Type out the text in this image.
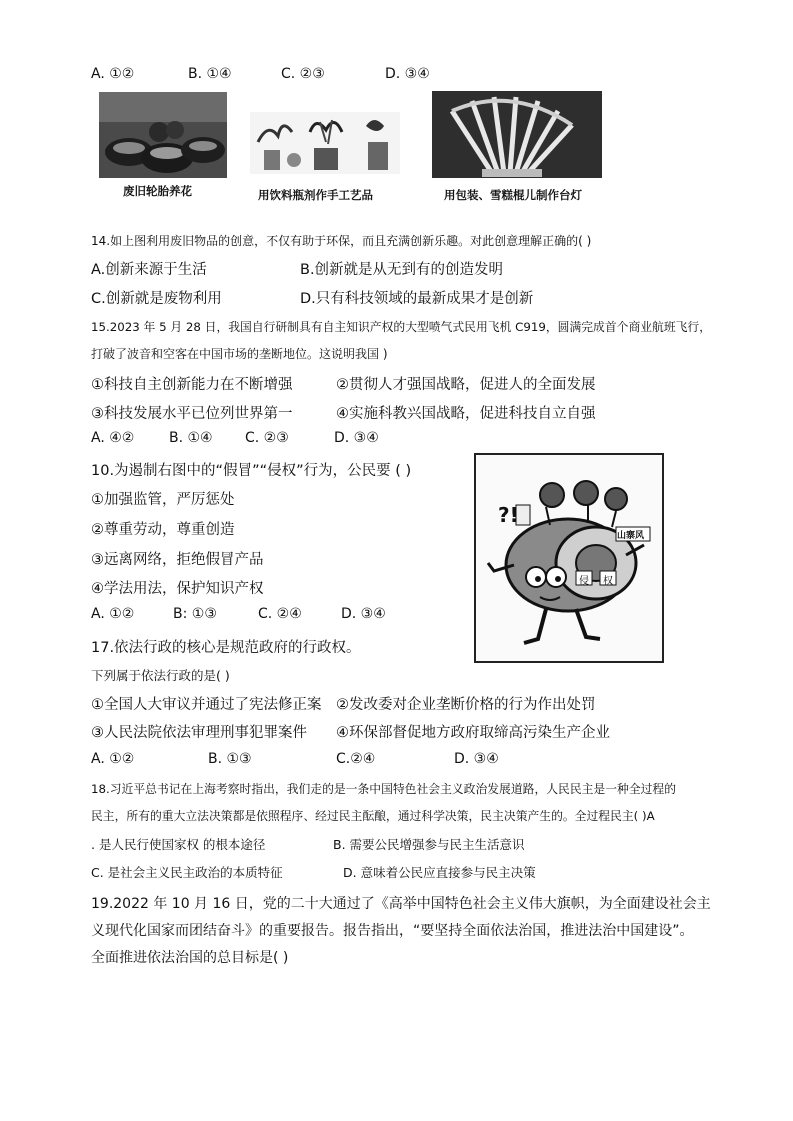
A. ①②	B. ①④	C. ②③	D. ③④
废旧轮胎养花	用饮料瓶剂作手工艺品	用包装、雪糕棍儿制作台灯
14.如上图利用废旧物品的创意，不仅有助于环保，而且充满创新乐趣。对此创意理解正确的( )
A.创新来源于生活	B.创新就是从无到有的创造发明
C.创新就是废物利用	D.只有科技领域的最新成果才是创新
15.2023 年 5 月 28 日，我国自行研制具有自主知识产权的大型喷气式民用飞机 C919，圆满完成首个商业航班飞行，
打破了波音和空客在中国市场的垄断地位。这说明我国 )
①科技自主创新能力在不断增强	②贯彻人才强国战略，促进人的全面发展
③科技发展水平已位列世界第一	④实施科教兴国战略，促进科技自立自强
A. ④② B. ①④ C. ②③	D. ③④
10.为遏制右图中的“假冒”“侵权”行为，公民要 ( )
①加强监管，严厉惩处
②尊重劳动，尊重创造
③远离网络，拒绝假冒产品
④学法用法，保护知识产权
A. ①②	B: ①③	C. ②④	D. ③④
?!
山寨风
侵 权
17.依法行政的核心是规范政府的行政权。
下列属于依法行政的是( )
①全国人大审议并通过了宪法修正案 ②发改委对企业垄断价格的行为作出处罚
③人民法院依法审理刑事犯罪案件 ④环保部督促地方政府取缔高污染生产企业
A. ①②	B. ①③	C.②④	D. ③④
18.习近平总书记在上海考察时指出，我们走的是一条中国特色社会主义政治发展道路，人民民主是一种全过程的
民主，所有的重大立法决策都是依照程序、经过民主酝酿，通过科学决策，民主决策产生的。全过程民主( )A
. 是人民行使国家权 的根本途径	B. 需要公民增强参与民主生活意识
C. 是社会主义民主政治的本质特征	D. 意味着公民应直接参与民主决策
19.2022 年 10 月 16 日，党的二十大通过了《高举中国特色社会主义伟大旗帜，为全面建设社会主
义现代化国家而团结奋斗》的重要报告。报告指出，“要坚持全面依法治国，推进法治中国建设”。
全面推进依法治国的总目标是( )
